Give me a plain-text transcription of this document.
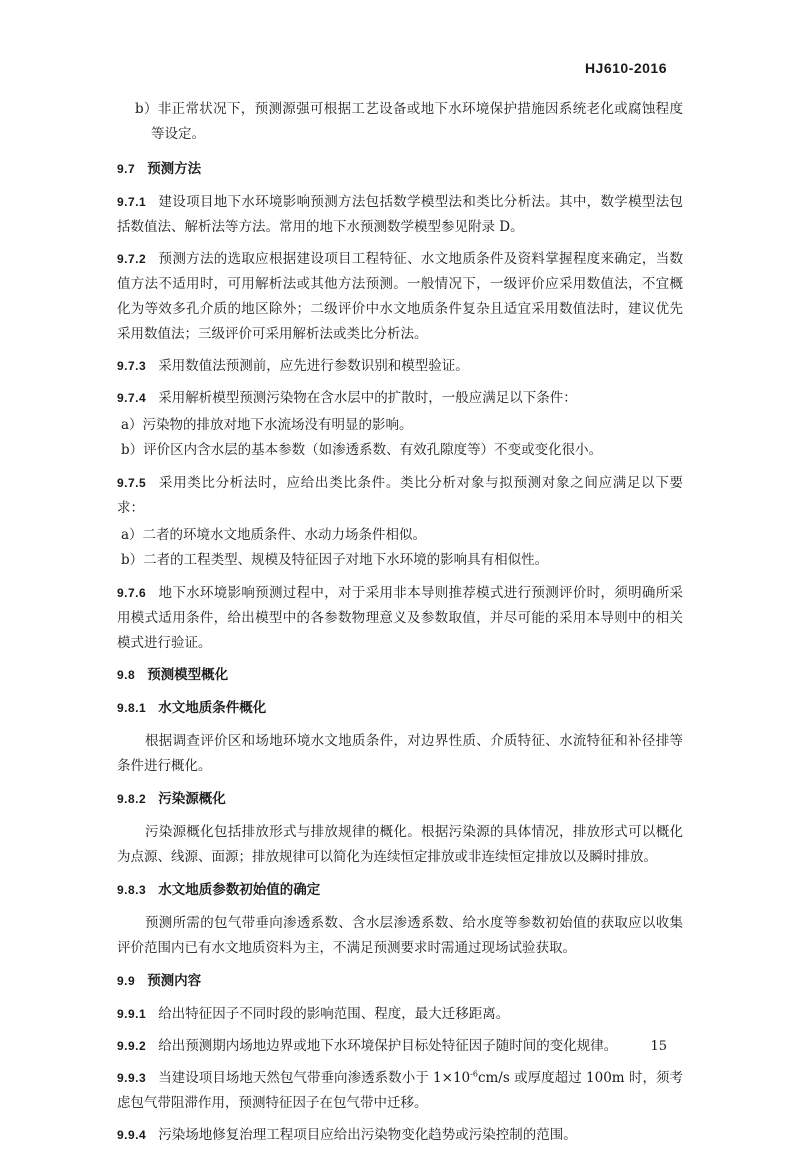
HJ610-2016

b）非正常状况下，预测源强可根据工艺设备或地下水环境保护措施因系统老化或腐蚀程度等设定。

9.7 预测方法

9.7.1 建设项目地下水环境影响预测方法包括数学模型法和类比分析法。其中，数学模型法包括数值法、解析法等方法。常用的地下水预测数学模型参见附录 D。

9.7.2 预测方法的选取应根据建设项目工程特征、水文地质条件及资料掌握程度来确定，当数值方法不适用时，可用解析法或其他方法预测。一般情况下，一级评价应采用数值法，不宜概化为等效多孔介质的地区除外；二级评价中水文地质条件复杂且适宜采用数值法时，建议优先采用数值法；三级评价可采用解析法或类比分析法。

9.7.3 采用数值法预测前，应先进行参数识别和模型验证。

9.7.4 采用解析模型预测污染物在含水层中的扩散时，一般应满足以下条件：

a）污染物的排放对地下水流场没有明显的影响。

b）评价区内含水层的基本参数（如渗透系数、有效孔隙度等）不变或变化很小。

9.7.5 采用类比分析法时，应给出类比条件。类比分析对象与拟预测对象之间应满足以下要求：

a）二者的环境水文地质条件、水动力场条件相似。

b）二者的工程类型、规模及特征因子对地下水环境的影响具有相似性。

9.7.6 地下水环境影响预测过程中，对于采用非本导则推荐模式进行预测评价时，须明确所采用模式适用条件，给出模型中的各参数物理意义及参数取值，并尽可能的采用本导则中的相关模式进行验证。

9.8 预测模型概化

9.8.1 水文地质条件概化

根据调查评价区和场地环境水文地质条件，对边界性质、介质特征、水流特征和补径排等条件进行概化。

9.8.2 污染源概化

污染源概化包括排放形式与排放规律的概化。根据污染源的具体情况，排放形式可以概化为点源、线源、面源；排放规律可以简化为连续恒定排放或非连续恒定排放以及瞬时排放。

9.8.3 水文地质参数初始值的确定

预测所需的包气带垂向渗透系数、含水层渗透系数、给水度等参数初始值的获取应以收集评价范围内已有水文地质资料为主，不满足预测要求时需通过现场试验获取。

9.9 预测内容

9.9.1 给出特征因子不同时段的影响范围、程度，最大迁移距离。

9.9.2 给出预测期内场地边界或地下水环境保护目标处特征因子随时间的变化规律。

9.9.3 当建设项目场地天然包气带垂向渗透系数小于 $1\times 10^{-6}cm/s$ 或厚度超过 100m 时，须考虑包气带阻滞作用，预测特征因子在包气带中迁移。

9.9.4 污染场地修复治理工程项目应给出污染物变化趋势或污染控制的范围。

15
